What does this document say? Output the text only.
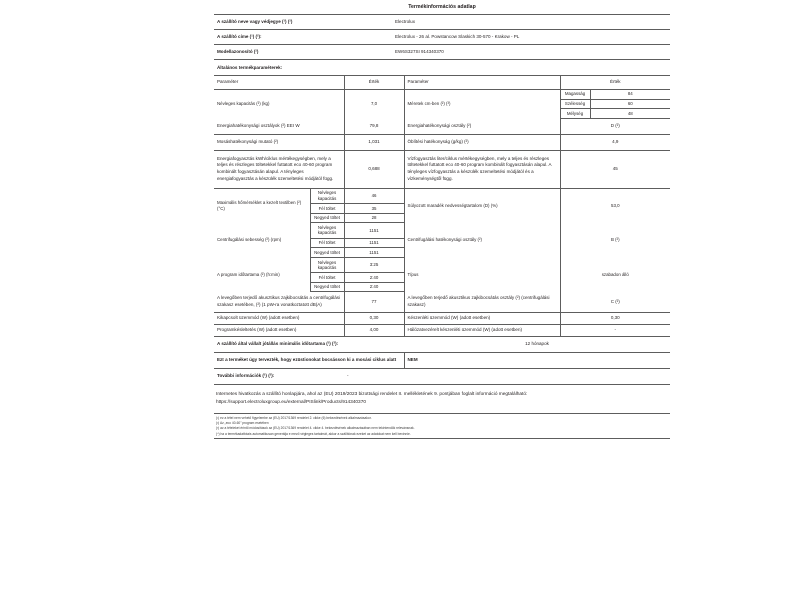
Termékinformációs adatlap
A szállító neve vagy védjegye (¹) (²)	Electrolux
A szállító címe (¹) (²):	Electrolux - 26 al. Powstancow Slaskich 30-570 - Krakow - PL
Modellazonosító (²)	EW6S327SI 914340370
Általános termékparaméterek:	
Paraméter		Érték	Paraméter	Érték	
Névleges kapacitás (²) (kg)		7,0	Méretek cm-ben (²) (³)	Magasság	84
				Szélesség	60
				Mélység	48
Energiahatékonysági osztályok (²) EEI W		79,8	Energiahatékonysági osztály (²)	D (²)	
Mosáshatékonysági mutató (²)		1,031	Öblítési hatékonyság (g/kg) (²)	4,9	
Energiafogyasztás kWh/ciklus mértékegységben, mely a teljes és részleges töltetekkel futtatott eco 40-60 program kombinált fogyasztásán alapul. A tényleges energiafogyasztás a készülék üzemeltetési módjától függ.	0,688	Vízfogyasztás liter/ciklus mértékegységben, mely a teljes és részleges töltetekkel futtatott eco 40-60 program kombinált fogyasztásán alapul. A tényleges vízfogyasztás a készülék üzemeltetési módjától és a vízkeménységtől függ.	45
Maximális hőmérséklet a kezelt textilben (²) (°C)	Névleges kapacitás	46	Súlyozott maradék nedvességtartalom (D) (%)	53,0	
	Fél töltet	35			
	Negyed töltet	28			
Centrifugálási sebesség (²) (rpm)	Névleges kapacitás	1151	Centrifugálási hatékonysági osztály (²)	B (²)	
	Fél töltet	1151			
	Negyed töltet	1151			
A program időtartama (²) (h:min)	Névleges kapacitás	3:25	Típus	szabadon álló	
	Fél töltet	2:40			
	Negyed töltet	2:40			
A levegőben terjedő akusztikus zajkibocsátás a centrifugálási szakasz esetében, (²) (1 pW-ra vonatkoztatott dB(A)		77	A levegőben terjedő akusztikus zajkibocsátás osztály (²) (centrifugálási szakasz)	C (²)	
Kikapcsolt üzemmód (W) (adott esetben)		0,30	Készenléti üzemmód (W) (adott esetben)	0,30	
Programkésleltetés (W) (adott esetben)		4,00	Hálózatvezérelt készenléti üzemmód (W) (adott esetben)	-	
A szállító által vállalt jótállás minimális időtartama (¹) (²):			12 hónapok		
Ezt a terméket úgy tervezték, hogy ezüstionokat bocsásson ki a mosási ciklus alatt			NEM		
További információk (¹) (²):		-			
Internetes hivatkozás a szállító honlapjára, ahol az (EU) 2019/2023 bizottsági rendelet II. mellékletének 9. pontjában foglalt információ megtalálható: https://support.electroluxgroup.eu/external/PISlink/Products/914340370
(¹) ez a tétel nem vehető figyelembe az (EU) 2017/1369 rendelet 2. cikke (6) bekezdésének alkalmazásakor.
(²) Az „eco 40-60" program esetében
(³) az a tételeket érintő módosítások az (EU) 2017/1369 rendelet 4. cikke 4. bekezdésének alkalmazásában nem tekintendők relevánsnak.
(⁴) ha a termékadatbázis automatikusan generálja e mező végleges tartalmát, akkor a szállítónak ezeket az adatokat nem kell bevinnie.
